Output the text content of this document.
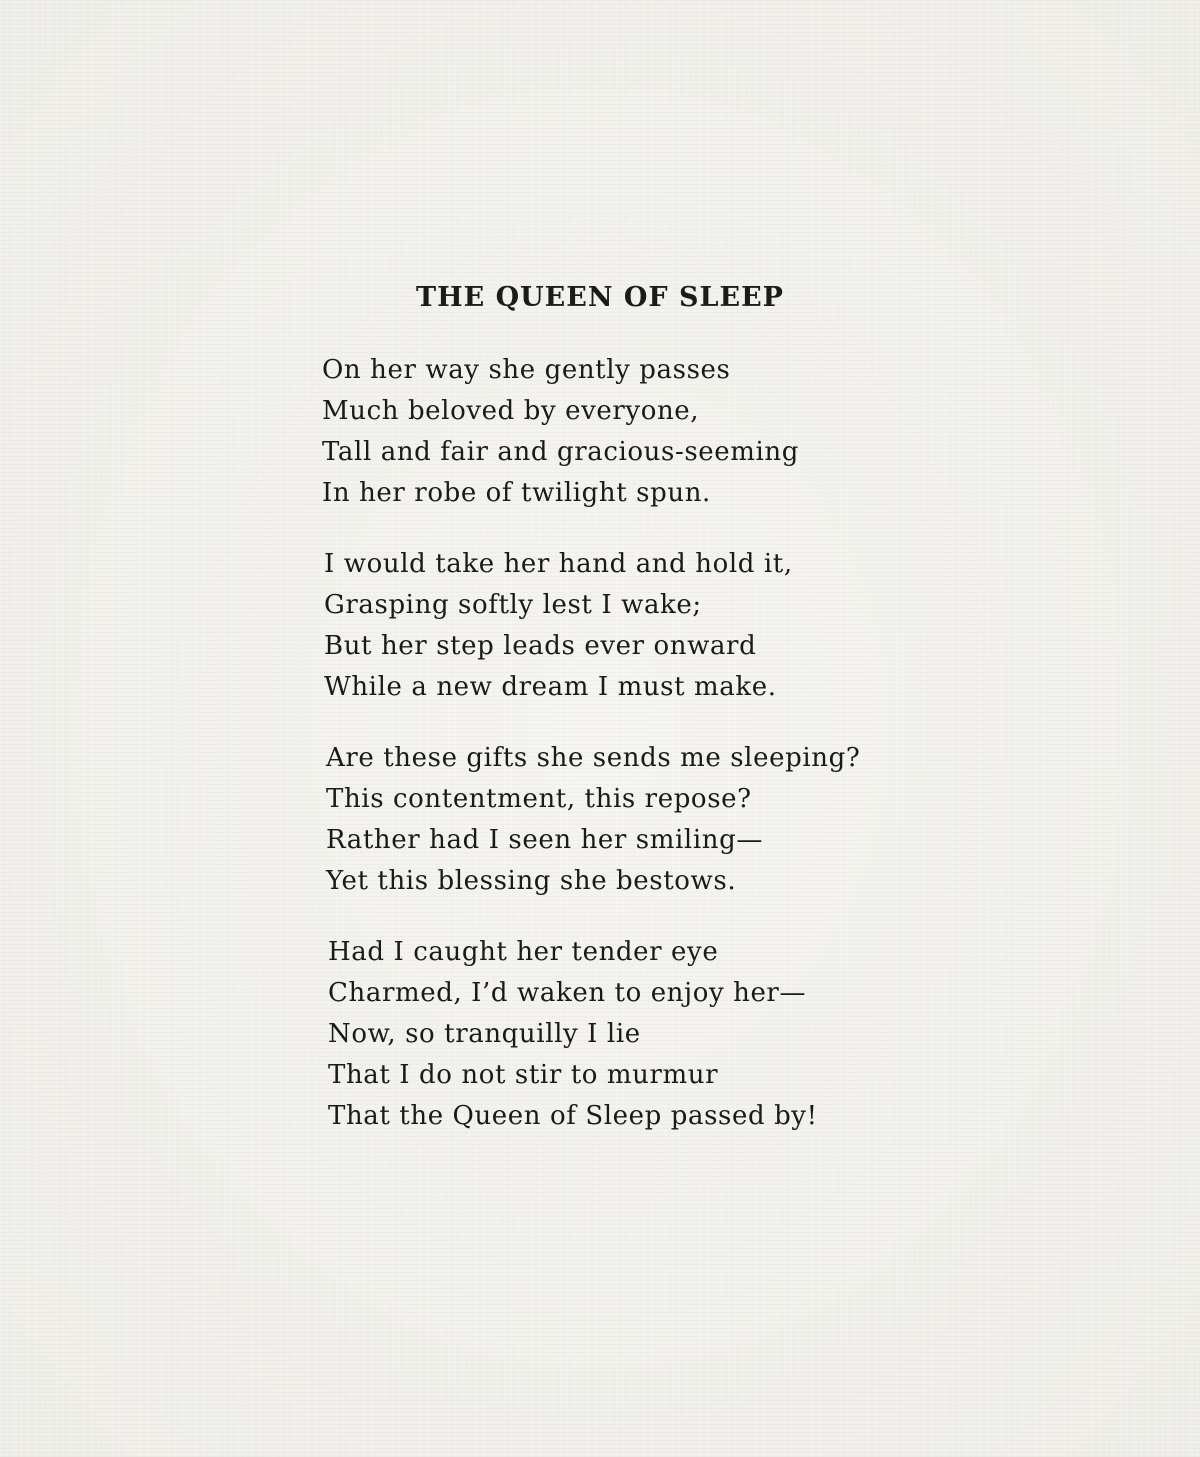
THE QUEEN OF SLEEP
On her way she gently passes
Much beloved by everyone,
Tall and fair and gracious-seeming
In her robe of twilight spun.
I would take her hand and hold it,
Grasping softly lest I wake;
But her step leads ever onward
While a new dream I must make.
Are these gifts she sends me sleeping?
This contentment, this repose?
Rather had I seen her smiling—
Yet this blessing she bestows.
Had I caught her tender eye
Charmed, I’d waken to enjoy her—
Now, so tranquilly I lie
That I do not stir to murmur
That the Queen of Sleep passed by!
